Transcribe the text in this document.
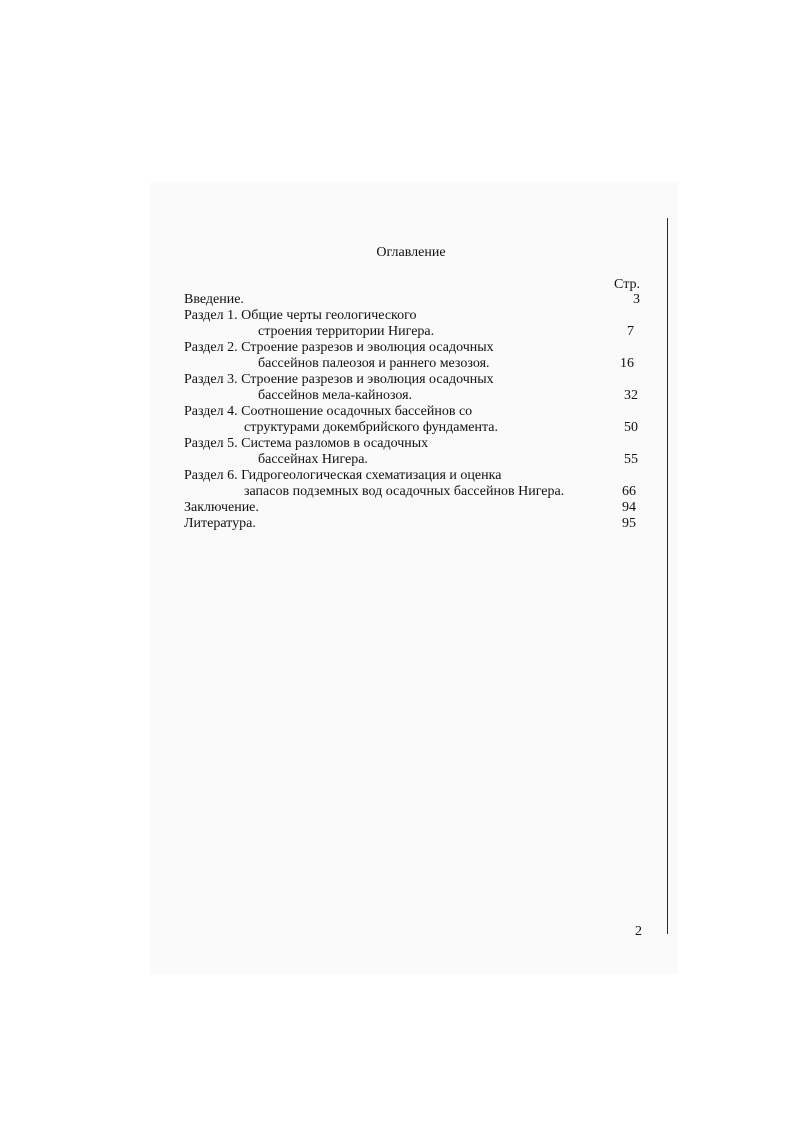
Оглавление
Стр.
Введение.	3
Раздел 1. Общие черты геологического
строения территории Нигера.	7
Раздел 2. Строение разрезов и эволюция осадочных
бассейнов палеозоя и раннего мезозоя.	16
Раздел 3. Строение разрезов и эволюция осадочных
бассейнов мела-кайнозоя.	32
Раздел 4. Соотношение осадочных бассейнов со
структурами докембрийского фундамента.	50
Раздел 5. Система разломов в осадочных
бассейнах Нигера.	55
Раздел 6. Гидрогеологическая схематизация и оценка
запасов подземных вод осадочных бассейнов Нигера.	66
Заключение.	94
Литература.	95
2
